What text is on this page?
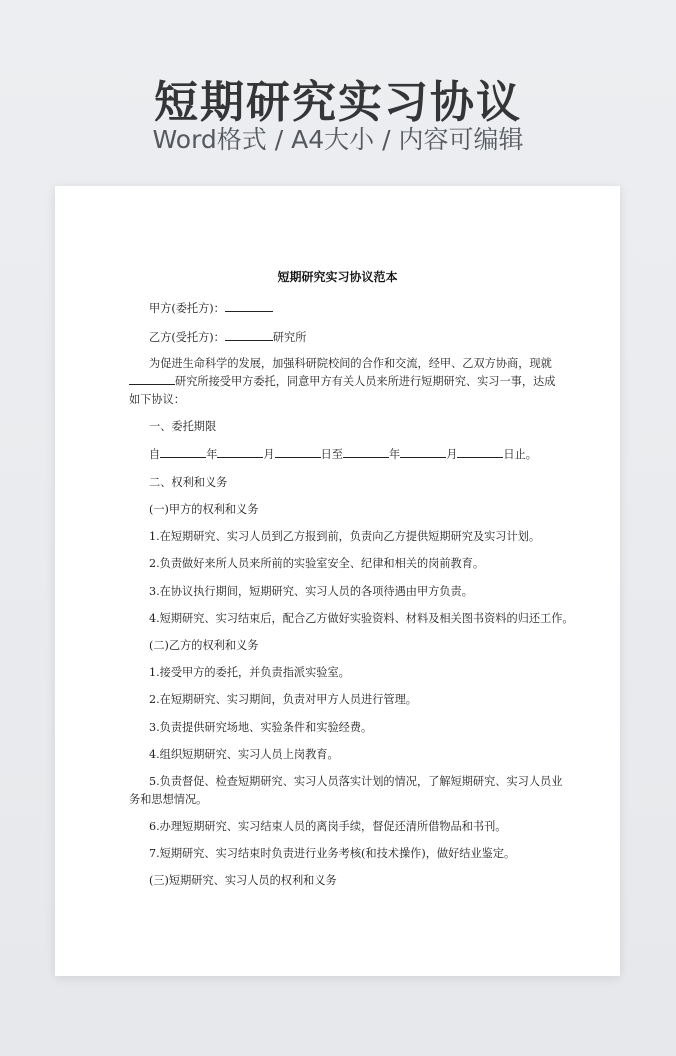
短期研究实习协议
Word格式 / A4大小 / 内容可编辑
短期研究实习协议范本
甲方(委托方)：
乙方(受托方)：	研究所
为促进生命科学的发展，加强科研院校间的合作和交流，经甲、乙双方协商，现就
研究所接受甲方委托，同意甲方有关人员来所进行短期研究、实习一事，达成
如下协议：
一、委托期限
自	年	月	日至	年	月	日止。
二、权利和义务
(一)甲方的权利和义务
1.在短期研究、实习人员到乙方报到前，负责向乙方提供短期研究及实习计划。
2.负责做好来所人员来所前的实验室安全、纪律和相关的岗前教育。
3.在协议执行期间，短期研究、实习人员的各项待遇由甲方负责。
4.短期研究、实习结束后，配合乙方做好实验资料、材料及相关图书资料的归还工作。
(二)乙方的权利和义务
1.接受甲方的委托，并负责指派实验室。
2.在短期研究、实习期间，负责对甲方人员进行管理。
3.负责提供研究场地、实验条件和实验经费。
4.组织短期研究、实习人员上岗教育。
5.负责督促、检查短期研究、实习人员落实计划的情况，了解短期研究、实习人员业
务和思想情况。
6.办理短期研究、实习结束人员的离岗手续，督促还清所借物品和书刊。
7.短期研究、实习结束时负责进行业务考核(和技术操作)，做好结业鉴定。
(三)短期研究、实习人员的权利和义务
